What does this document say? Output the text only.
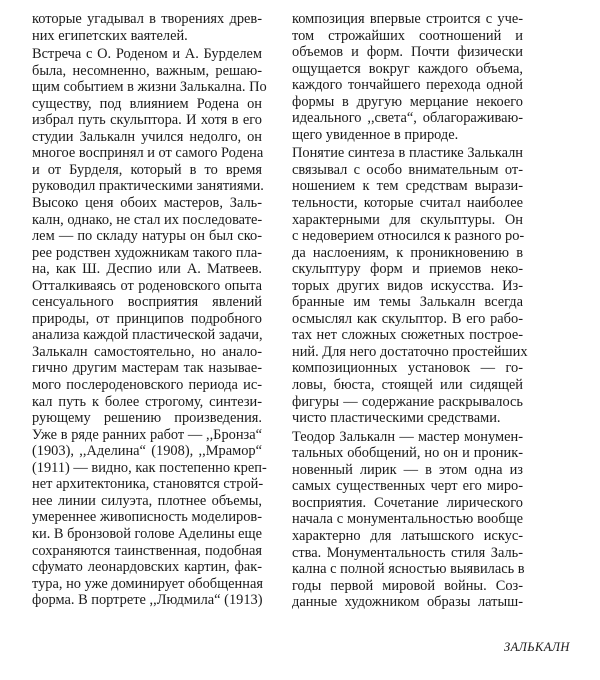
которые угадывал в творениях древ-
них египетских ваятелей.
Встреча с О. Роденом и А. Бурделем
была, несомненно, важным, решаю-
щим событием в жизни Залькална. По
существу, под влиянием Родена он
избрал путь скульптора. И хотя в его
студии Залькалн учился недолго, он
многое воспринял и от самого Родена
и от Бурделя, который в то время
руководил практическими занятиями.
Высоко ценя обоих мастеров, Заль-
калн, однако, не стал их последовате-
лем — по складу натуры он был ско-
рее родствен художникам такого пла-
на, как Ш. Деспио или А. Матвеев.
Отталкиваясь от роденовского опыта
сенсуального восприятия явлений
природы, от принципов подробного
анализа каждой пластической задачи,
Залькалн самостоятельно, но анало-
гично другим мастерам так называе-
мого послероденовского периода ис-
кал путь к более строгому, синтези-
рующему решению произведения.
Уже в ряде ранних работ — ,,Бронза“
(1903), ,,Аделина“ (1908), ,,Мрамор“
(1911) — видно, как постепенно креп-
нет архитектоника, становятся строй-
нее линии силуэта, плотнее объемы,
умереннее живописность моделиров-
ки. В бронзовой голове Аделины еще
сохраняются таинственная, подобная
сфумато леонардовских картин, фак-
тура, но уже доминирует обобщенная
форма. В портрете ,,Людмила“ (1913)
композиция впервые строится с уче-
том строжайших соотношений и
объемов и форм. Почти физически
ощущается вокруг каждого объема,
каждого тончайшего перехода одной
формы в другую мерцание некоего
идеального ,,света“, облагораживаю-
щего увиденное в природе.
Понятие синтеза в пластике Залькалн
связывал с особо внимательным от-
ношением к тем средствам вырази-
тельности, которые считал наиболее
характерными для скульптуры. Он
с недоверием относился к разного ро-
да наслоениям, к проникновению в
скульптуру форм и приемов неко-
торых других видов искусства. Из-
бранные им темы Залькалн всегда
осмыслял как скульптор. В его рабо-
тах нет сложных сюжетных построе-
ний. Для него достаточно простейших
композиционных установок — го-
ловы, бюста, стоящей или сидящей
фигуры — содержание раскрывалось
чисто пластическими средствами.
Теодор Залькалн — мастер монумен-
тальных обобщений, но он и проник-
новенный лирик — в этом одна из
самых существенных черт его миро-
восприятия. Сочетание лирического
начала с монументальностью вообще
характерно для латышского искус-
ства. Монументальность стиля Заль-
кална с полной ясностью выявилась в
годы первой мировой войны. Соз-
данные художником образы латыш-
ЗАЛЬКАЛН
